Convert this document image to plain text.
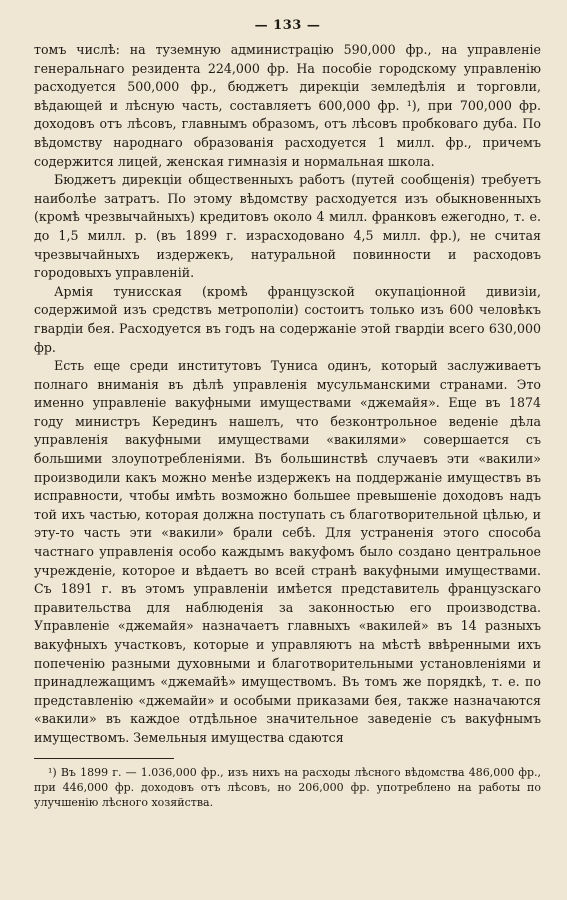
— 133 —

томъ числѣ: на туземную администрацію 590,000 фр., на управленіе генеральнаго резидента 224,000 фр. На пособіе городскому управленію расходуется 500,000 фр., бюджетъ дирекціи земледѣлія и торговли, вѣдающей и лѣсную часть, составляетъ 600,000 фр. ¹), при 700,000 фр. доходовъ отъ лѣсовъ, главнымъ образомъ, отъ лѣсовъ пробковаго дуба. По вѣдомству народнаго образованія расходуется 1 милл. фр., причемъ содержится лицей, женская гимназія и нормальная школа.

Бюджетъ дирекціи общественныхъ работъ (путей сообщенія) требуетъ наиболѣе затратъ. По этому вѣдомству расходуется изъ обыкновенныхъ (кромѣ чрезвычайныхъ) кредитовъ около 4 милл. франковъ ежегодно, т. е. до 1,5 милл. р. (въ 1899 г. израсходовано 4,5 милл. фр.), не считая чрезвычайныхъ издержекъ, натуральной повинности и расходовъ городовыхъ управленій.

Армія тунисская (кромѣ французской окупаціонной дивизіи, содержимой изъ средствъ метрополіи) состоитъ только изъ 600 человѣкъ гвардіи бея. Расходуется въ годъ на содержаніе этой гвардіи всего 630,000 фр.

Есть еще среди институтовъ Туниса одинъ, который заслуживаетъ полнаго вниманія въ дѣлѣ управленія мусульманскими странами. Это именно управленіе вакуфными имуществами «джемайя». Еще въ 1874 году министръ Керединъ нашелъ, что безконтрольное веденіе дѣла управленія вакуфными имуществами «вакилями» совершается съ большими злоупотребленіями. Въ большинствѣ случаевъ эти «вакили» производили какъ можно менѣе издержекъ на поддержаніе имуществъ въ исправности, чтобы имѣть возможно большее превышеніе доходовъ надъ той ихъ частью, которая должна поступать съ благотворительной цѣлью, и эту-то часть эти «вакили» брали себѣ. Для устраненія этого способа частнаго управленія особо каждымъ вакуфомъ было создано центральное учрежденіе, которое и вѣдаетъ во всей странѣ вакуфными имуществами. Съ 1891 г. въ этомъ управленіи имѣется представитель французскаго правительства для наблюденія за законностью его производства. Управленіе «джемайя» назначаетъ главныхъ «вакилей» въ 14 разныхъ вакуфныхъ участковъ, которые и управляютъ на мѣстѣ ввѣренными ихъ попеченію разными духовными и благотворительными установленіями и принадлежащимъ «джемайѣ» имуществомъ. Въ томъ же порядкѣ, т. е. по представленію «джемайи» и особыми приказами бея, также назначаются «вакили» въ каждое отдѣльное значительное заведеніе съ вакуфнымъ имуществомъ. Земельныя имущества сдаются

¹) Въ 1899 г. — 1.036,000 фр., изъ нихъ на расходы лѣсного вѣдомства 486,000 фр., при 446,000 фр. доходовъ отъ лѣсовъ, но 206,000 фр. употреблено на работы по улучшенію лѣсного хозяйства.
